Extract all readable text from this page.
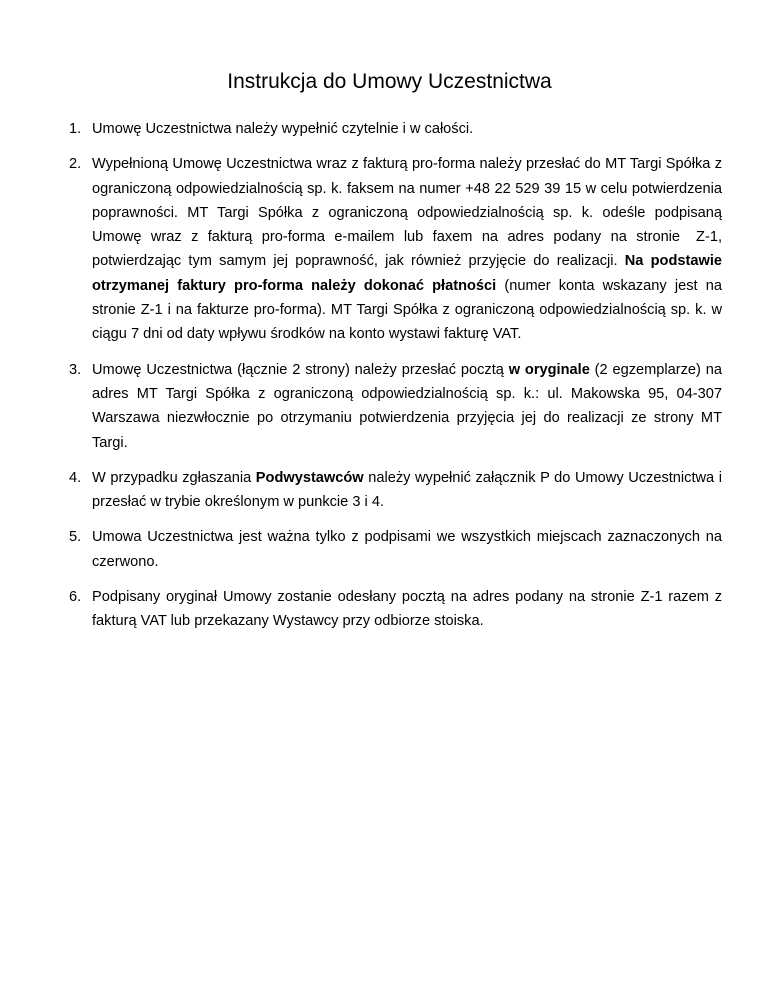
Instrukcja do Umowy Uczestnictwa
1. Umowę Uczestnictwa należy wypełnić czytelnie i w całości.
2. Wypełnioną Umowę Uczestnictwa wraz z fakturą pro-forma należy przesłać do MT Targi Spółka z ograniczoną odpowiedzialnością sp. k. faksem na numer +48 22 529 39 15 w celu potwierdzenia poprawności. MT Targi Spółka z ograniczoną odpowiedzialnością sp. k. odeśle podpisaną Umowę wraz z fakturą pro-forma e-mailem lub faxem na adres podany na stronie Z-1, potwierdzając tym samym jej poprawność, jak również przyjęcie do realizacji. Na podstawie otrzymanej faktury pro-forma należy dokonać płatności (numer konta wskazany jest na stronie Z-1 i na fakturze pro-forma). MT Targi Spółka z ograniczoną odpowiedzialnością sp. k. w ciągu 7 dni od daty wpływu środków na konto wystawi fakturę VAT.
3. Umowę Uczestnictwa (łącznie 2 strony) należy przesłać pocztą w oryginale (2 egzemplarze) na adres MT Targi Spółka z ograniczoną odpowiedzialnością sp. k.: ul. Makowska 95, 04-307 Warszawa niezwłocznie po otrzymaniu potwierdzenia przyjęcia jej do realizacji ze strony MT Targi.
4. W przypadku zgłaszania Podwystawców należy wypełnić załącznik P do Umowy Uczestnictwa i przesłać w trybie określonym w punkcie 3 i 4.
5. Umowa Uczestnictwa jest ważna tylko z podpisami we wszystkich miejscach zaznaczonych na czerwono.
6. Podpisany oryginał Umowy zostanie odesłany pocztą na adres podany na stronie Z-1 razem z fakturą VAT lub przekazany Wystawcy przy odbiorze stoiska.
